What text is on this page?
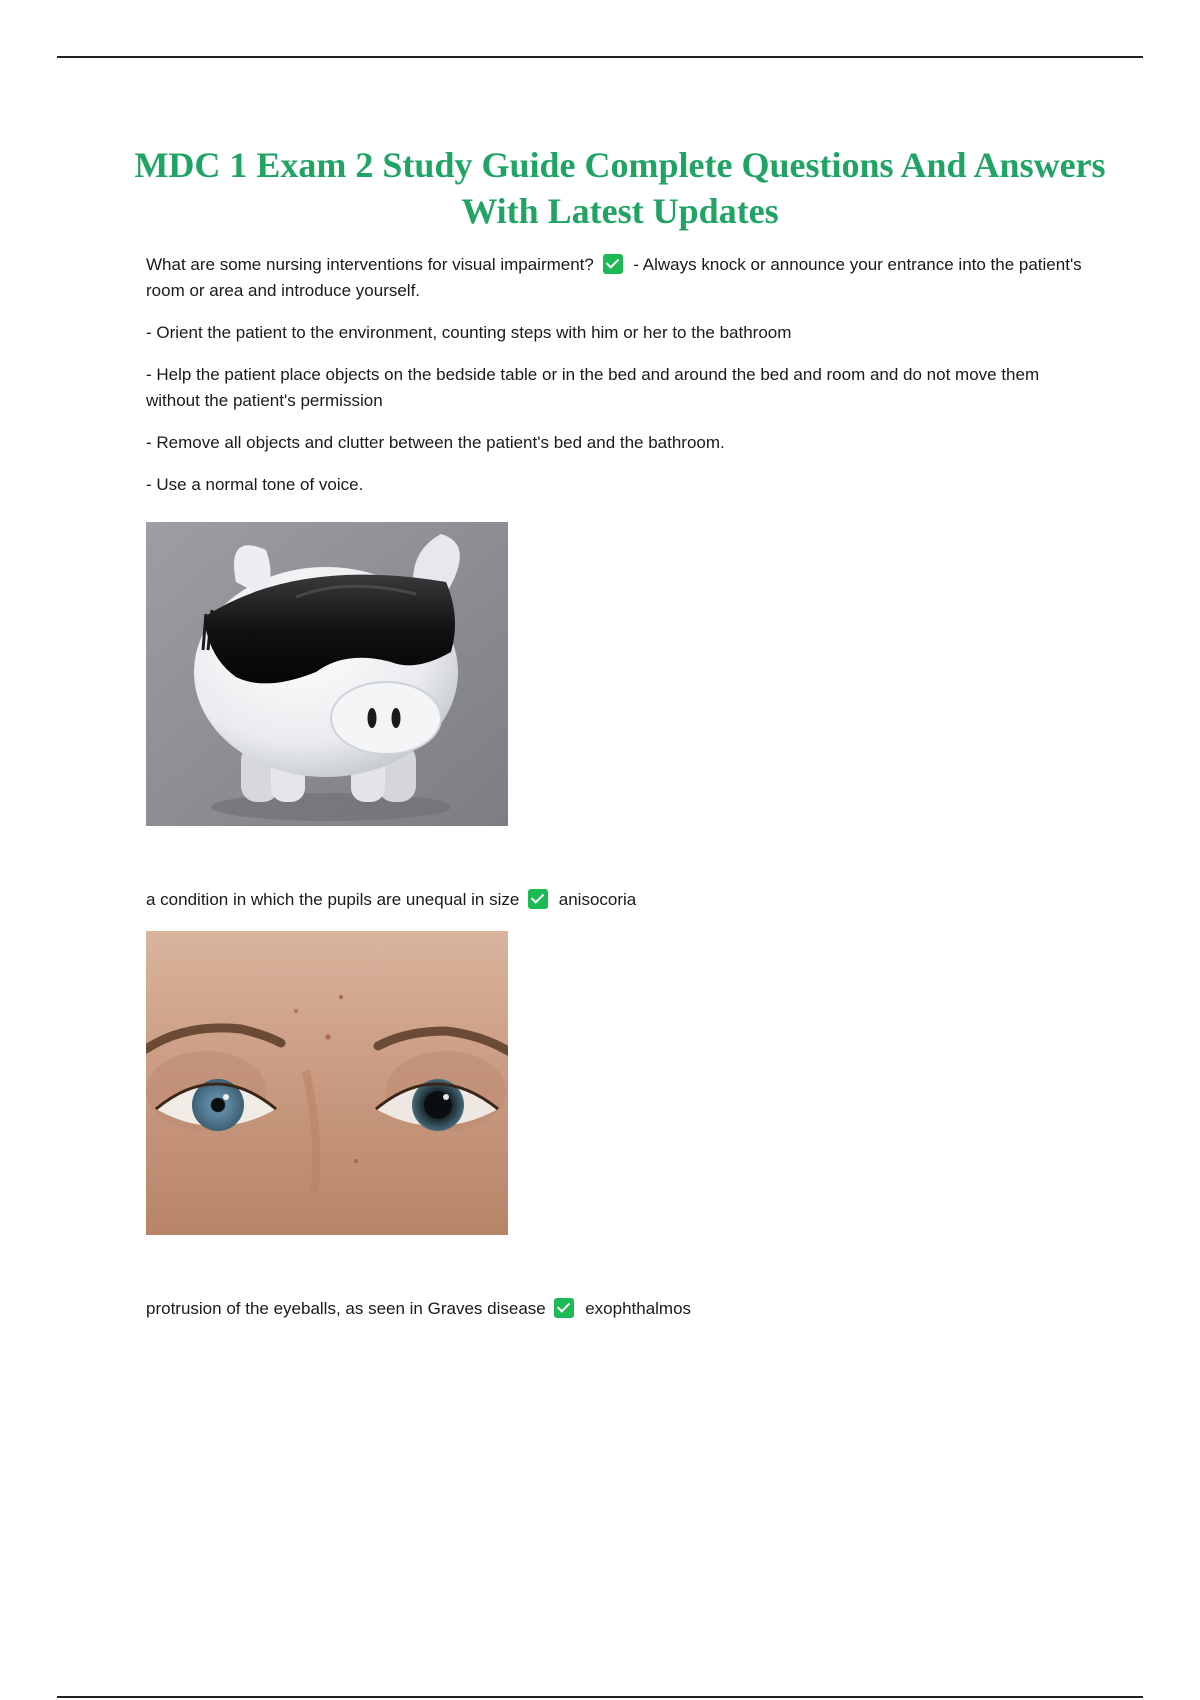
MDC 1 Exam 2 Study Guide Complete Questions And Answers With Latest Updates

What are some nursing interventions for visual impairment? - Always knock or announce your entrance into the patient's room or area and introduce yourself.

- Orient the patient to the environment, counting steps with him or her to the bathroom

- Help the patient place objects on the bedside table or in the bed and around the bed and room and do not move them without the patient's permission

- Remove all objects and clutter between the patient's bed and the bathroom.

- Use a normal tone of voice.

a condition in which the pupils are unequal in size anisocoria
protrusion of the eyeballs, as seen in Graves disease exophthalmos
